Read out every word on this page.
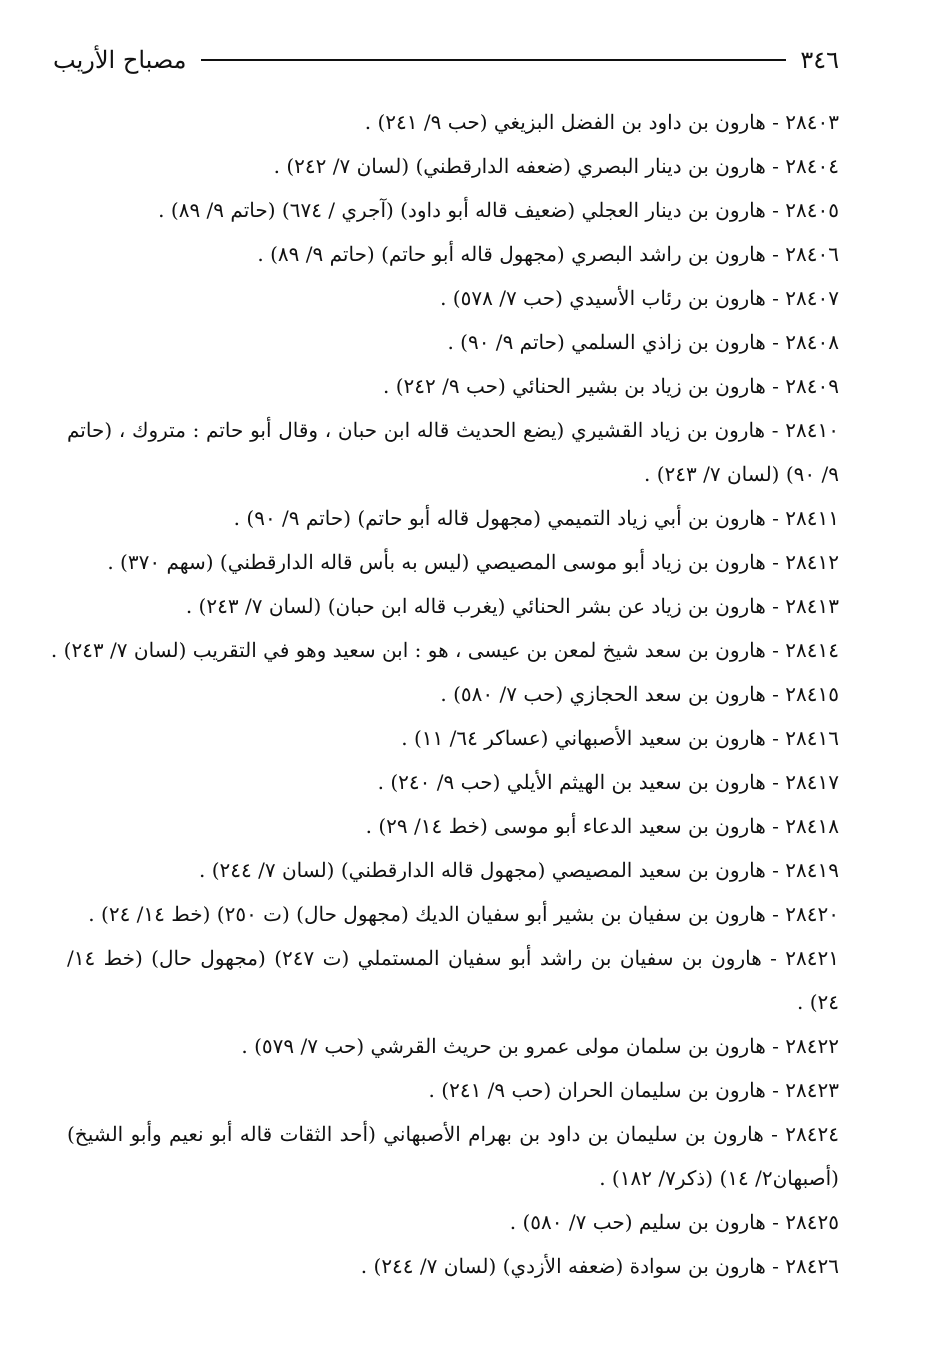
٣٤٦
مصباح الأريب

٢٨٤٠٣ - هارون بن داود بن الفضل البزيغي (حب ٩/ ٢٤١) .

٢٨٤٠٤ - هارون بن دينار البصري (ضعفه الدارقطني) (لسان ٧/ ٢٤٢) .

٢٨٤٠٥ - هارون بن دينار العجلي (ضعيف قاله أبو داود) (آجري / ٦٧٤) (حاتم ٩/ ٨٩) .

٢٨٤٠٦ - هارون بن راشد البصري (مجهول قاله أبو حاتم) (حاتم ٩/ ٨٩) .

٢٨٤٠٧ - هارون بن رئاب الأسيدي (حب ٧/ ٥٧٨) .

٢٨٤٠٨ - هارون بن زاذي السلمي (حاتم ٩/ ٩٠) .

٢٨٤٠٩ - هارون بن زياد بن بشير الحنائي (حب ٩/ ٢٤٢) .

٢٨٤١٠ - هارون بن زياد القشيري (يضع الحديث قاله ابن حبان ، وقال أبو حاتم : متروك ، (حاتم ٩/ ٩٠) (لسان ٧/ ٢٤٣) .

٢٨٤١١ - هارون بن أبي زياد التميمي (مجهول قاله أبو حاتم) (حاتم ٩/ ٩٠) .

٢٨٤١٢ - هارون بن زياد أبو موسى المصيصي (ليس به بأس قاله الدارقطني) (سهم ٣٧٠) .

٢٨٤١٣ - هارون بن زياد عن بشر الحنائي (يغرب قاله ابن حبان) (لسان ٧/ ٢٤٣) .

٢٨٤١٤ - هارون بن سعد شيخ لمعن بن عيسى ، هو : ابن سعيد وهو في التقريب (لسان ٧/ ٢٤٣) .

٢٨٤١٥ - هارون بن سعد الحجازي (حب ٧/ ٥٨٠) .

٢٨٤١٦ - هارون بن سعيد الأصبهاني (عساكر ٦٤/ ١١) .

٢٨٤١٧ - هارون بن سعيد بن الهيثم الأيلي (حب ٩/ ٢٤٠) .

٢٨٤١٨ - هارون بن سعيد الدعاء أبو موسى (خط ١٤/ ٢٩) .

٢٨٤١٩ - هارون بن سعيد المصيصي (مجهول قاله الدارقطني) (لسان ٧/ ٢٤٤) .

٢٨٤٢٠ - هارون بن سفيان بن بشير أبو سفيان الديك (مجهول حال) (ت ٢٥٠) (خط ١٤/ ٢٤) .

٢٨٤٢١ - هارون بن سفيان بن راشد أبو سفيان المستملي (ت ٢٤٧) (مجهول حال) (خط ١٤/ ٢٤) .

٢٨٤٢٢ - هارون بن سلمان مولى عمرو بن حريث القرشي (حب ٧/ ٥٧٩) .

٢٨٤٢٣ - هارون بن سليمان الحران (حب ٩/ ٢٤١) .

٢٨٤٢٤ - هارون بن سليمان بن داود بن بهرام الأصبهاني (أحد الثقات قاله أبو نعيم وأبو الشيخ) (أصبهان٢/ ١٤) (ذكر٧/ ١٨٢) .

٢٨٤٢٥ - هارون بن سليم (حب ٧/ ٥٨٠) .

٢٨٤٢٦ - هارون بن سوادة (ضعفه الأزدي) (لسان ٧/ ٢٤٤) .
